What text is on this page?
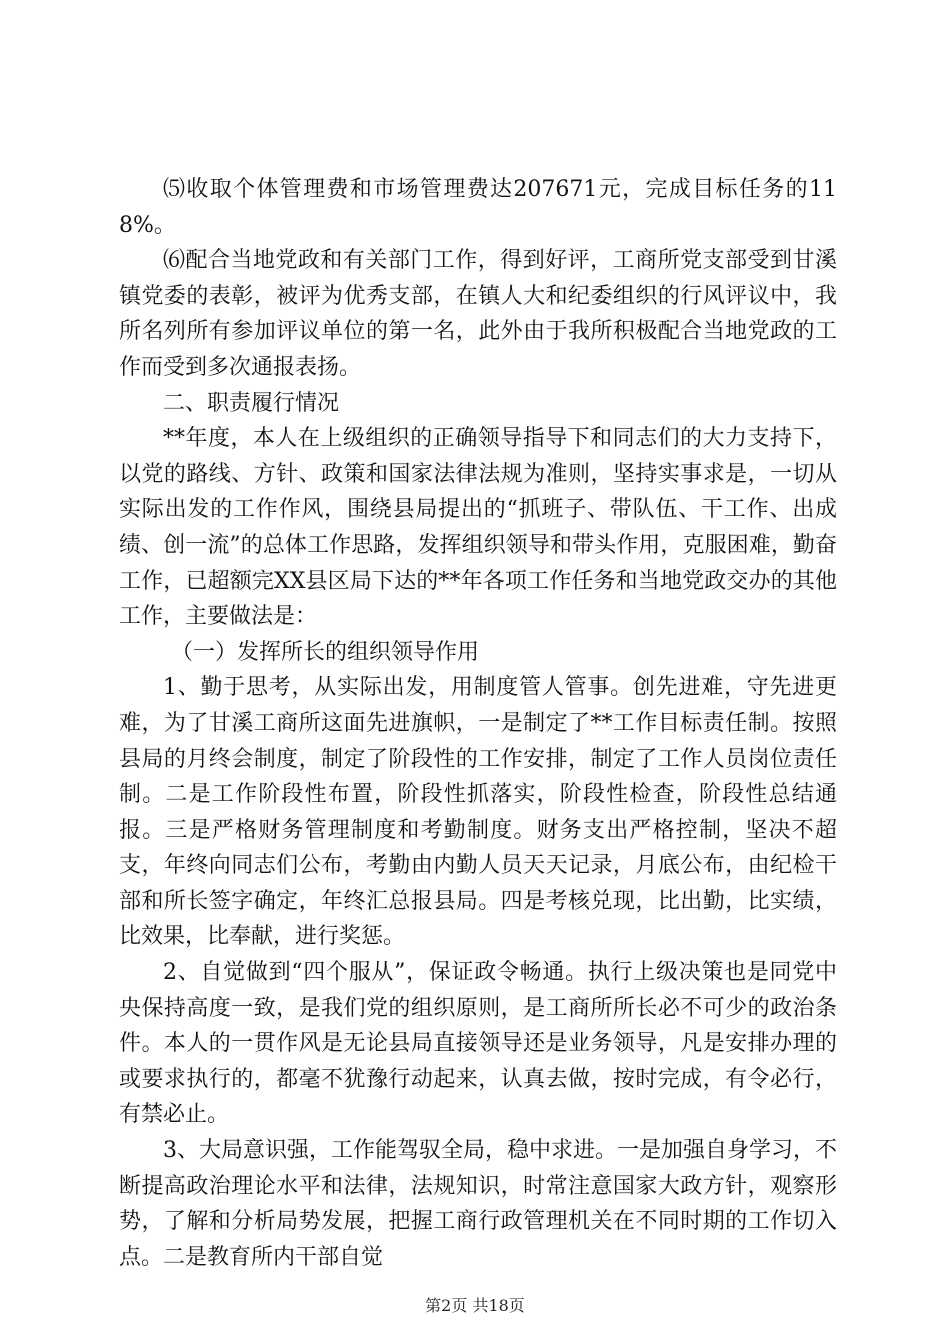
⑸收取个体管理费和市场管理费达207671元，完成目标任务的118%。

⑹配合当地党政和有关部门工作，得到好评，工商所党支部受到甘溪镇党委的表彰，被评为优秀支部，在镇人大和纪委组织的行风评议中，我所名列所有参加评议单位的第一名，此外由于我所积极配合当地党政的工作而受到多次通报表扬。

二、职责履行情况

**年度，本人在上级组织的正确领导指导下和同志们的大力支持下，以党的路线、方针、政策和国家法律法规为准则，坚持实事求是，一切从实际出发的工作作风，围绕县局提出的“抓班子、带队伍、干工作、出成绩、创一流”的总体工作思路，发挥组织领导和带头作用，克服困难，勤奋工作，已超额完XX县区局下达的**年各项工作任务和当地党政交办的其他工作，主要做法是：

（一）发挥所长的组织领导作用

1、勤于思考，从实际出发，用制度管人管事。创先进难，守先进更难，为了甘溪工商所这面先进旗帜，一是制定了**工作目标责任制。按照县局的月终会制度，制定了阶段性的工作安排，制定了工作人员岗位责任制。二是工作阶段性布置，阶段性抓落实，阶段性检查，阶段性总结通报。三是严格财务管理制度和考勤制度。财务支出严格控制，坚决不超支，年终向同志们公布，考勤由内勤人员天天记录，月底公布，由纪检干部和所长签字确定，年终汇总报县局。四是考核兑现，比出勤，比实绩，比效果，比奉献，进行奖惩。

2、自觉做到“四个服从”，保证政令畅通。执行上级决策也是同党中央保持高度一致，是我们党的组织原则，是工商所所长必不可少的政治条件。本人的一贯作风是无论县局直接领导还是业务领导，凡是安排办理的或要求执行的，都毫不犹豫行动起来，认真去做，按时完成，有令必行，有禁必止。

3、大局意识强，工作能驾驭全局，稳中求进。一是加强自身学习，不断提高政治理论水平和法律，法规知识，时常注意国家大政方针，观察形势，了解和分析局势发展，把握工商行政管理机关在不同时期的工作切入点。二是教育所内干部自觉

第2页 共18页
